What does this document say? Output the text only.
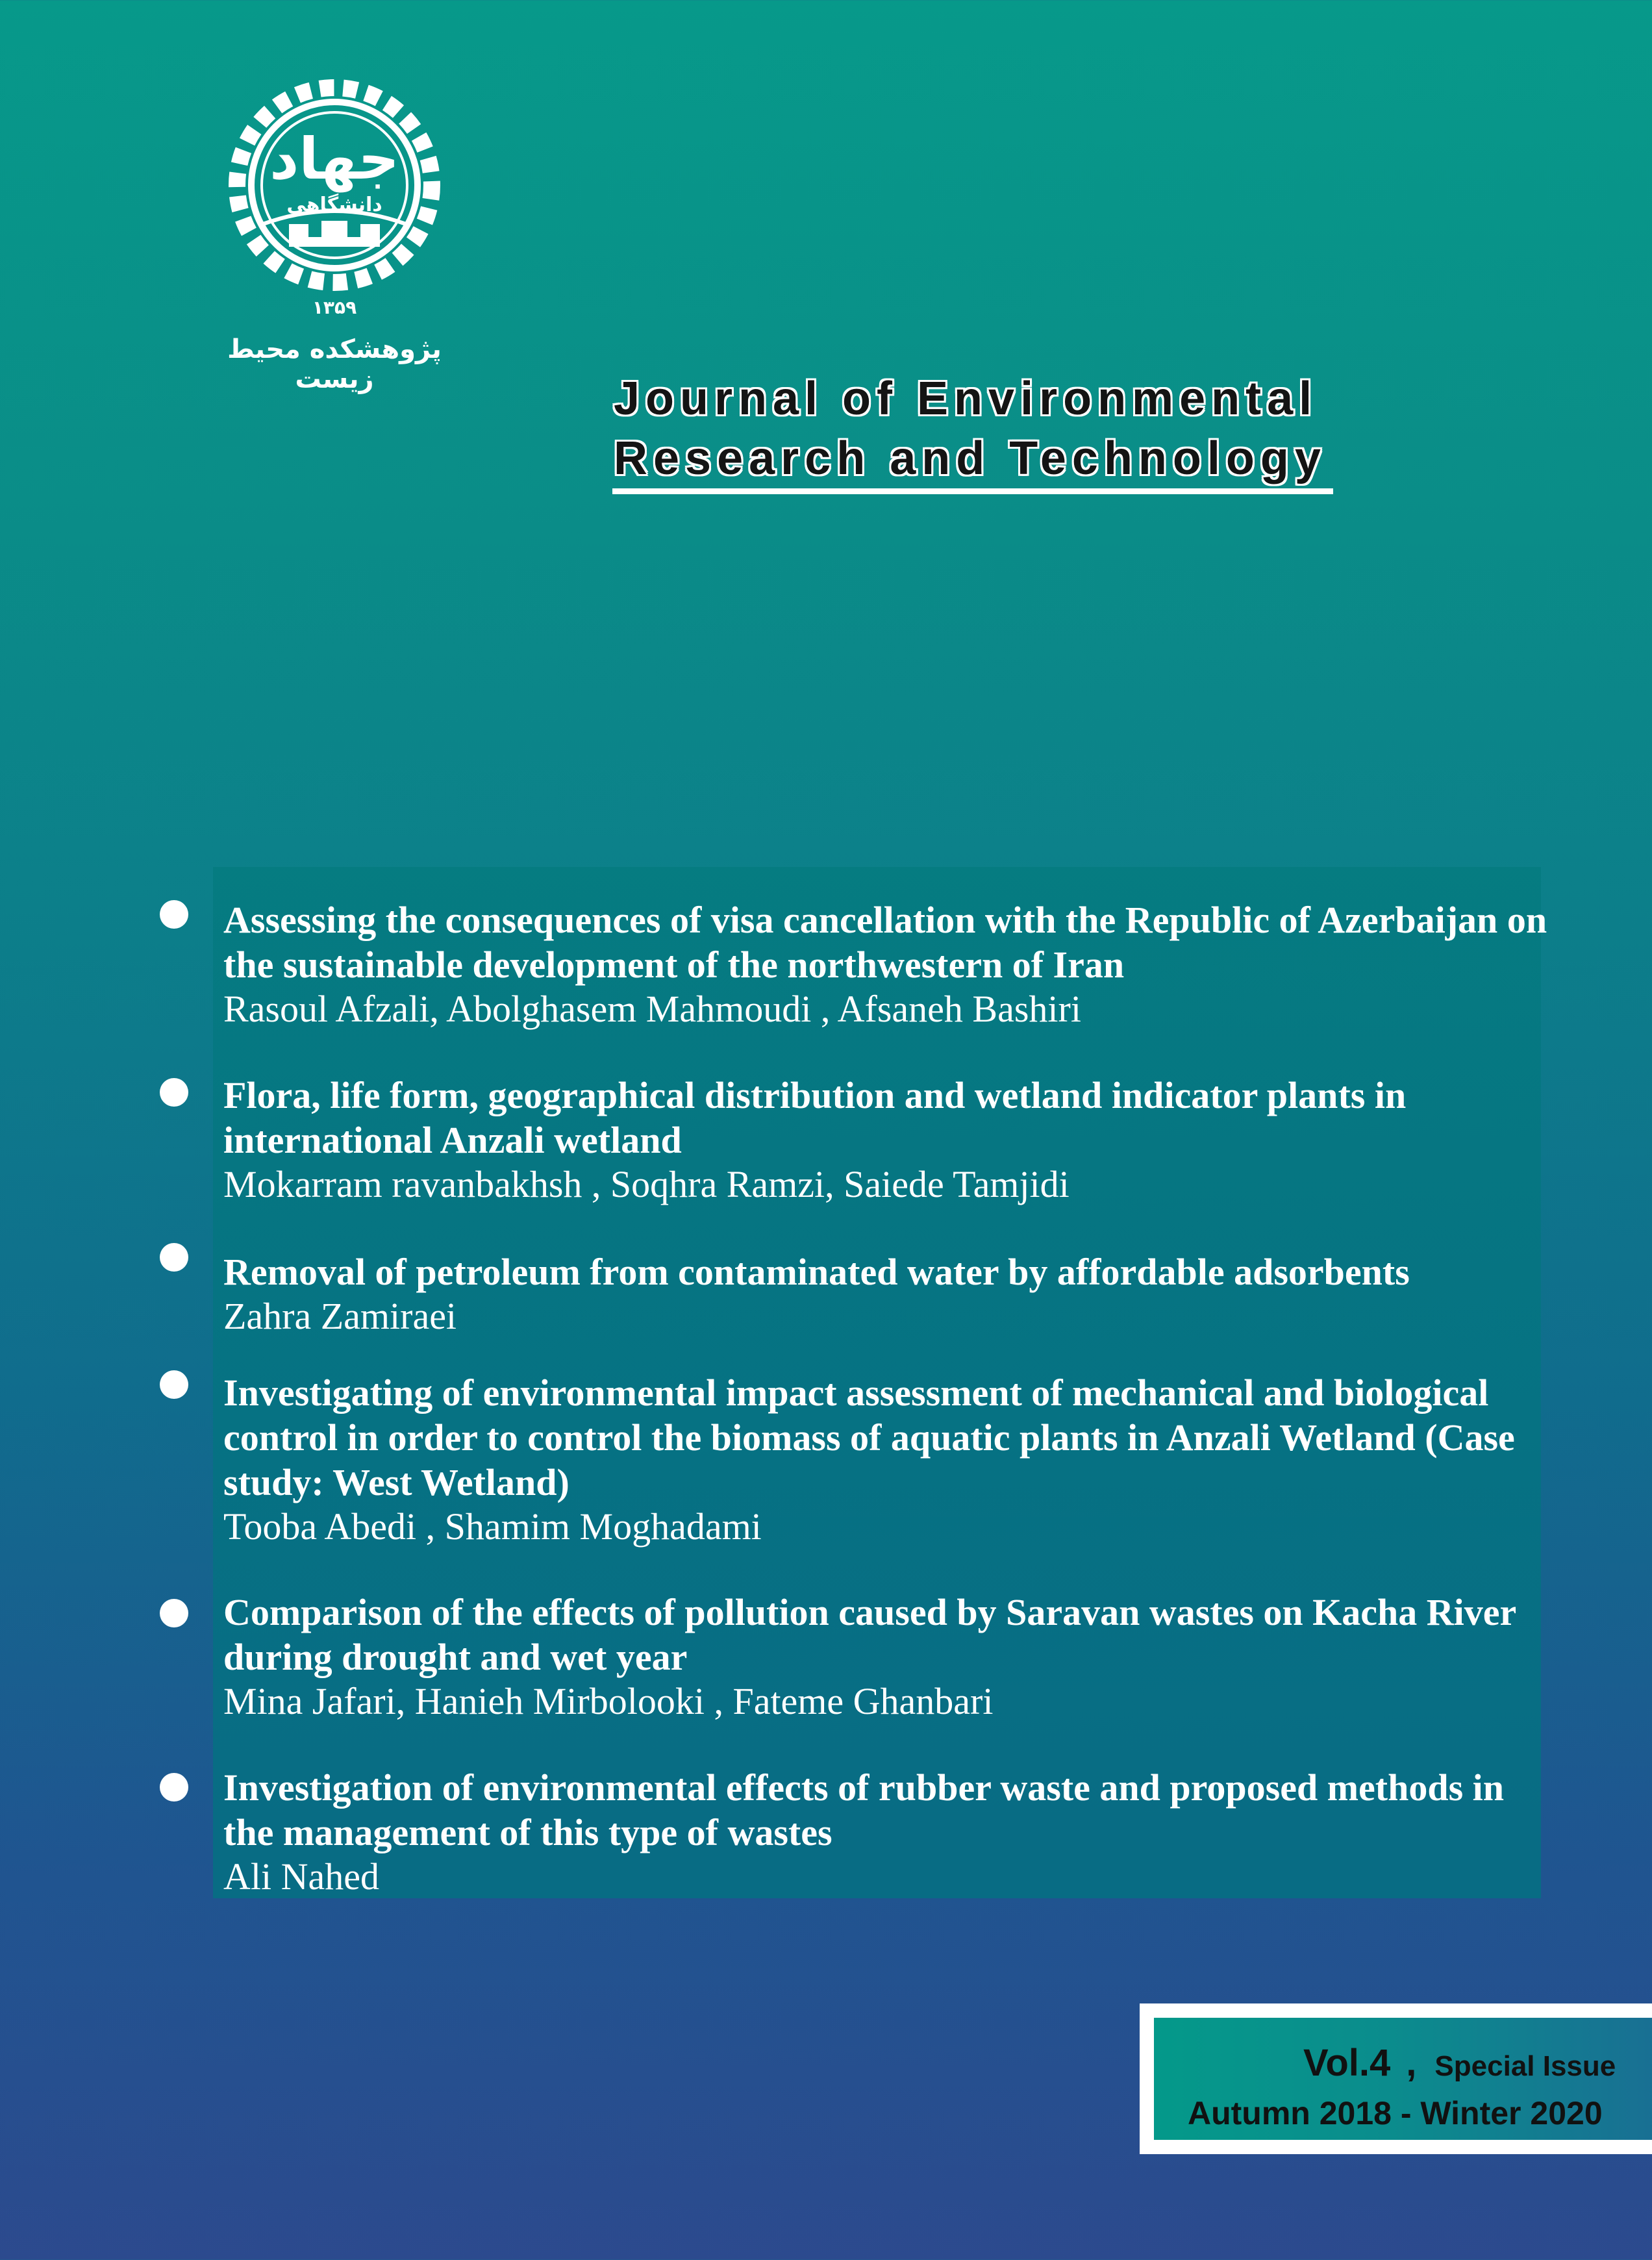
جهاد
دانشگاهی
۱۳۵۹
پژوهشکده محیط زیست	Journal of Environmental
Research and Technology
Assessing the consequences of visa cancellation with the Republic of Azerbaijan on the sustainable development of the northwestern of Iran
Rasoul Afzali, Abolghasem Mahmoudi , Afsaneh Bashiri
Flora, life form, geographical distribution and wetland indicator plants in international Anzali wetland
Mokarram ravanbakhsh , Soqhra Ramzi, Saiede Tamjidi
Removal of petroleum from contaminated water by affordable adsorbents
Zahra Zamiraei
Investigating of environmental impact assessment of mechanical and biological control in order to control the biomass of aquatic plants in Anzali Wetland (Case study: West Wetland)
Tooba Abedi , Shamim Moghadami
Comparison of the effects of pollution caused by Saravan wastes on Kacha River during drought and wet year
Mina Jafari, Hanieh Mirbolooki , Fateme Ghanbari
Investigation of environmental effects of rubber waste and proposed methods in the management of this type of wastes
Ali Nahed
Vol.4 , Special Issue
Autumn 2018 - Winter 2020
